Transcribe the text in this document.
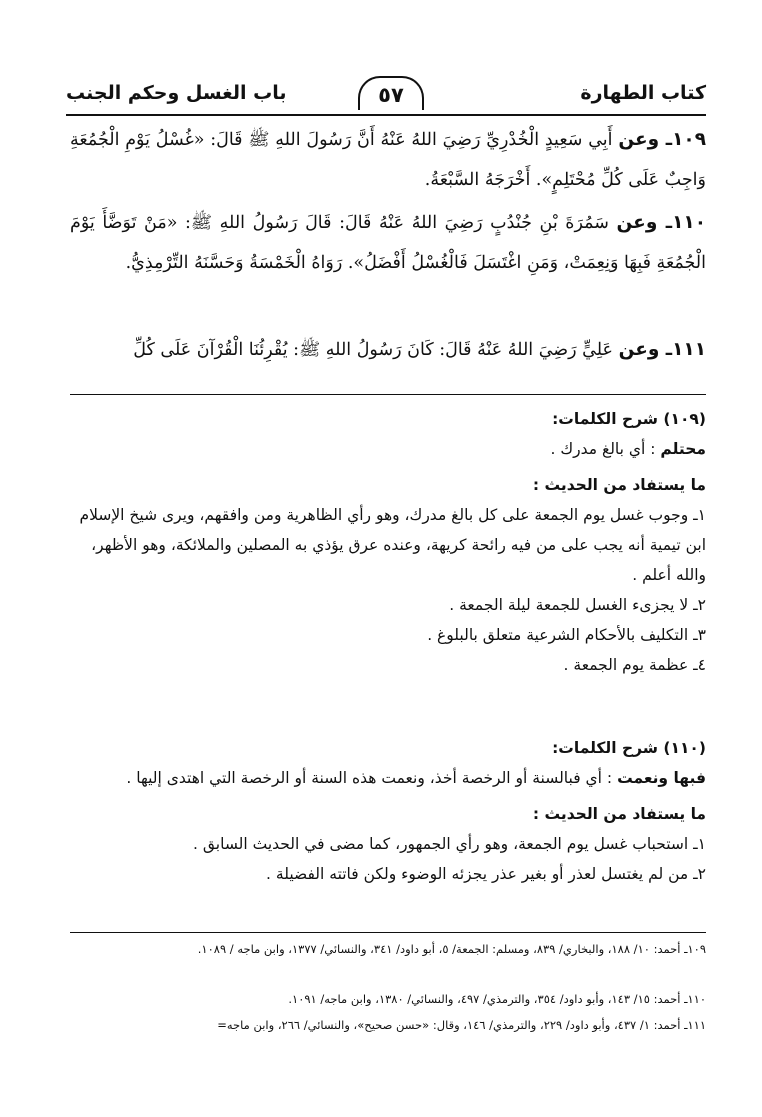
كتاب الطهارة
٥٧
باب الغسل وحكم الجنب
١٠٩ـ وعن أَبِي سَعِيدٍ الْخُدْرِيِّ رَضِيَ اللهُ عَنْهُ أَنَّ رَسُولَ اللهِ ﷺ قَالَ: «غُسْلُ يَوْمِ الْجُمُعَةِ وَاجِبٌ عَلَى كُلِّ مُحْتَلِمٍ». أَخْرَجَهُ السَّبْعَةُ.
١١٠ـ وعن سَمُرَةَ بْنِ جُنْدُبٍ رَضِيَ اللهُ عَنْهُ قَالَ: قَالَ رَسُولُ اللهِ ﷺ: «مَنْ تَوَضَّأَ يَوْمَ الْجُمُعَةِ فَبِهَا وَنِعِمَتْ، وَمَنِ اغْتَسَلَ فَالْغُسْلُ أَفْضَلُ». رَوَاهُ الْخَمْسَةُ وَحَسَّنَهُ التِّرْمِذِيُّ.
١١١ـ وعن عَلِيٍّ رَضِيَ اللهُ عَنْهُ قَالَ: كَانَ رَسُولُ اللهِ ﷺ: يُقْرِئُنَا الْقُرْآنَ عَلَى كُلِّ
(١٠٩) شرح الكلمات:
محتلم : أي بالغ مدرك .
ما يستفاد من الحديث :
١ـ وجوب غسل يوم الجمعة على كل بالغ مدرك، وهو رأي الظاهرية ومن وافقهم، ويرى شيخ الإسلام ابن تيمية أنه يجب على من فيه رائحة كريهة، وعنده عرق يؤذي به المصلين والملائكة، وهو الأظهر، والله أعلم .
٢ـ لا يجزىء الغسل للجمعة ليلة الجمعة .
٣ـ التكليف بالأحكام الشرعية متعلق بالبلوغ .
٤ـ عظمة يوم الجمعة .
(١١٠) شرح الكلمات:
فبها ونعمت : أي فبالسنة أو الرخصة أخذ، ونعمت هذه السنة أو الرخصة التي اهتدى إليها .
ما يستفاد من الحديث :
١ـ استحباب غسل يوم الجمعة، وهو رأي الجمهور، كما مضى في الحديث السابق .
٢ـ من لم يغتسل لعذر أو بغير عذر يجزئه الوضوء ولكن فاتته الفضيلة .
١٠٩ـ أحمد: ١٠/ ١٨٨، والبخاري/ ٨٣٩، ومسلم: الجمعة/ ٥، أبو داود/ ٣٤١، والنسائي/ ١٣٧٧، وابن ماجه / ١٠٨٩.
١١٠ـ أحمد: ١٥/ ١٤٣، وأبو داود/ ٣٥٤، والترمذي/ ٤٩٧، والنسائي/ ١٣٨٠، وابن ماجه/ ١٠٩١.
١١١ـ أحمد: ١/ ٤٣٧، وأبو داود/ ٢٢٩، والترمذي/ ١٤٦، وقال: «حسن صحيح»، والنسائي/ ٢٦٦، وابن ماجه=
